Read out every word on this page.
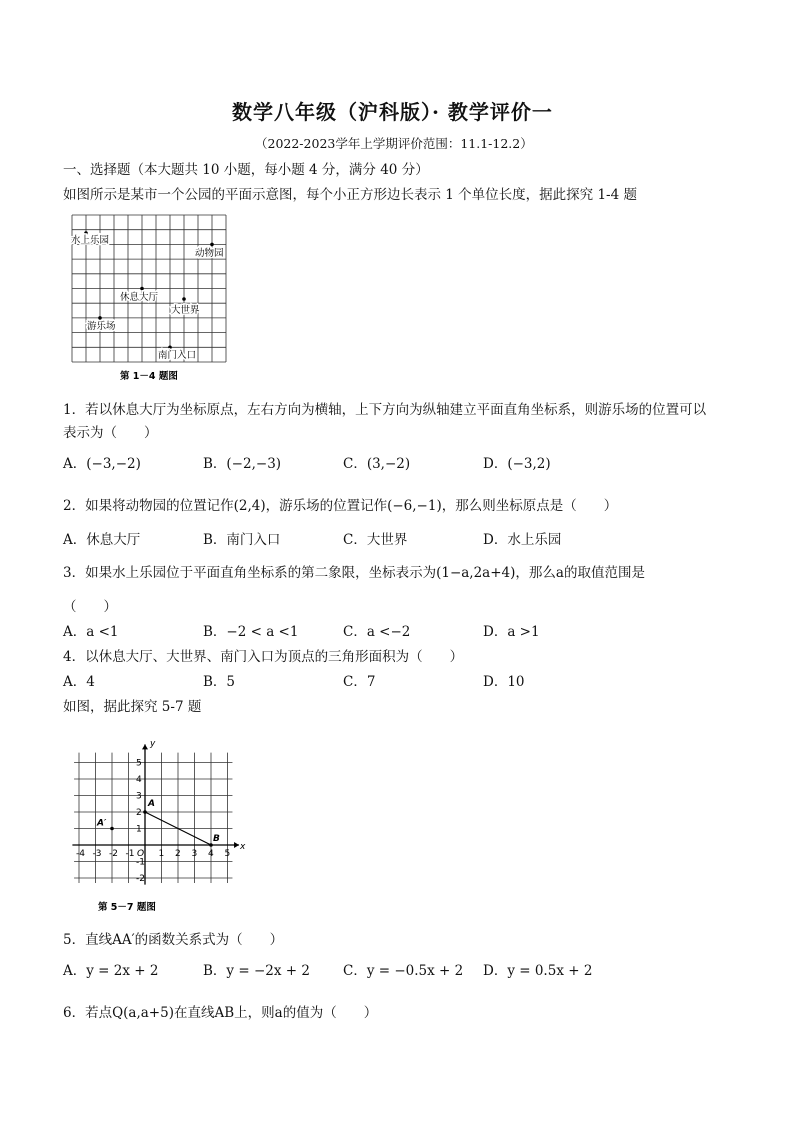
数学八年级（沪科版）· 教学评价一
（2022-2023学年上学期评价范围：11.1-12.2）
一、选择题（本大题共 10 小题，每小题 4 分，满分 40 分）
如图所示是某市一个公园的平面示意图，每个小正方形边长表示 1 个单位长度，据此探究 1-4 题
水上乐园
动物园
休息大厅
大世界
游乐场
南门入口
第 1－4 题图
1．若以休息大厅为坐标原点，左右方向为横轴，上下方向为纵轴建立平面直角坐标系，则游乐场的位置可以
表示为（　　）
A．(−3,−2)	B．(−2,−3)	C．(3,−2)	D．(−3,2)
2．如果将动物园的位置记作(2,4)，游乐场的位置记作(−6,−1)，那么则坐标原点是（　　）
A．休息大厅	B．南门入口	C．大世界	D．水上乐园
3．如果水上乐园位于平面直角坐标系的第二象限，坐标表示为(1−a,2a+4)，那么a的取值范围是
（　　）
A．a <1	B．−2 < a <1	C．a <−2	D．a >1
4．以休息大厅、大世界、南门入口为顶点的三角形面积为（　　）
A．4	B．5	C．7	D．10
如图，据此探究 5-7 题
-4 -3 -2 -1	1 2 3 4 5
5
4
3
2
1
-1
-2
O
x
y
A
B
A′
第 5－7 题图
5．直线AA′的函数关系式为（　　）
A．y = 2x + 2	B．y = −2x + 2 C．y = −0.5x + 2 D．y = 0.5x + 2
6．若点Q(a,a+5)在直线AB上，则a的值为（　　）
